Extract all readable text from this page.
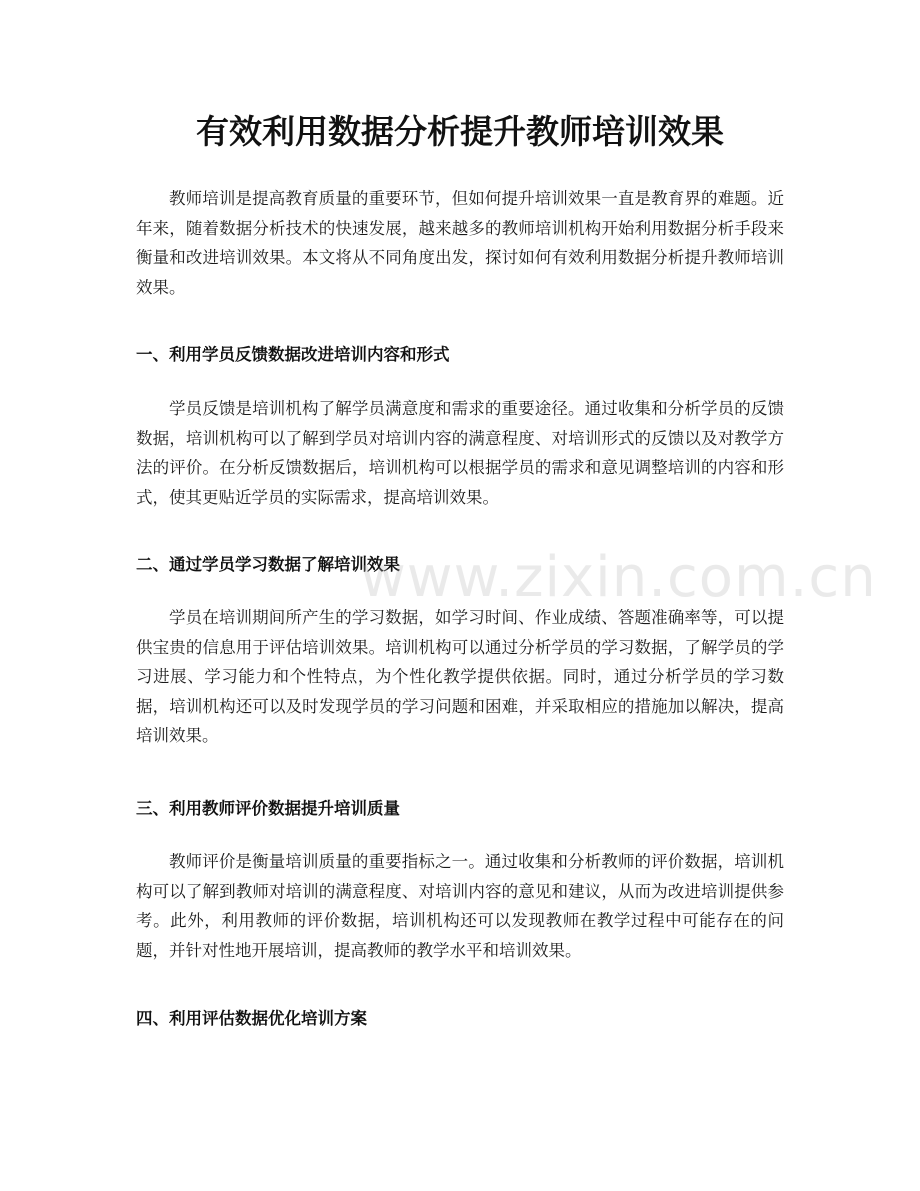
有效利用数据分析提升教师培训效果

教师培训是提高教育质量的重要环节，但如何提升培训效果一直是教育界的难题。近年来，随着数据分析技术的快速发展，越来越多的教师培训机构开始利用数据分析手段来衡量和改进培训效果。本文将从不同角度出发，探讨如何有效利用数据分析提升教师培训效果。

一、利用学员反馈数据改进培训内容和形式

学员反馈是培训机构了解学员满意度和需求的重要途径。通过收集和分析学员的反馈数据，培训机构可以了解到学员对培训内容的满意程度、对培训形式的反馈以及对教学方法的评价。在分析反馈数据后，培训机构可以根据学员的需求和意见调整培训的内容和形式，使其更贴近学员的实际需求，提高培训效果。

二、通过学员学习数据了解培训效果

学员在培训期间所产生的学习数据，如学习时间、作业成绩、答题准确率等，可以提供宝贵的信息用于评估培训效果。培训机构可以通过分析学员的学习数据，了解学员的学习进展、学习能力和个性特点，为个性化教学提供依据。同时，通过分析学员的学习数据，培训机构还可以及时发现学员的学习问题和困难，并采取相应的措施加以解决，提高培训效果。

三、利用教师评价数据提升培训质量

教师评价是衡量培训质量的重要指标之一。通过收集和分析教师的评价数据，培训机构可以了解到教师对培训的满意程度、对培训内容的意见和建议，从而为改进培训提供参考。此外，利用教师的评价数据，培训机构还可以发现教师在教学过程中可能存在的问题，并针对性地开展培训，提高教师的教学水平和培训效果。

四、利用评估数据优化培训方案
www.zixin.com.cn
